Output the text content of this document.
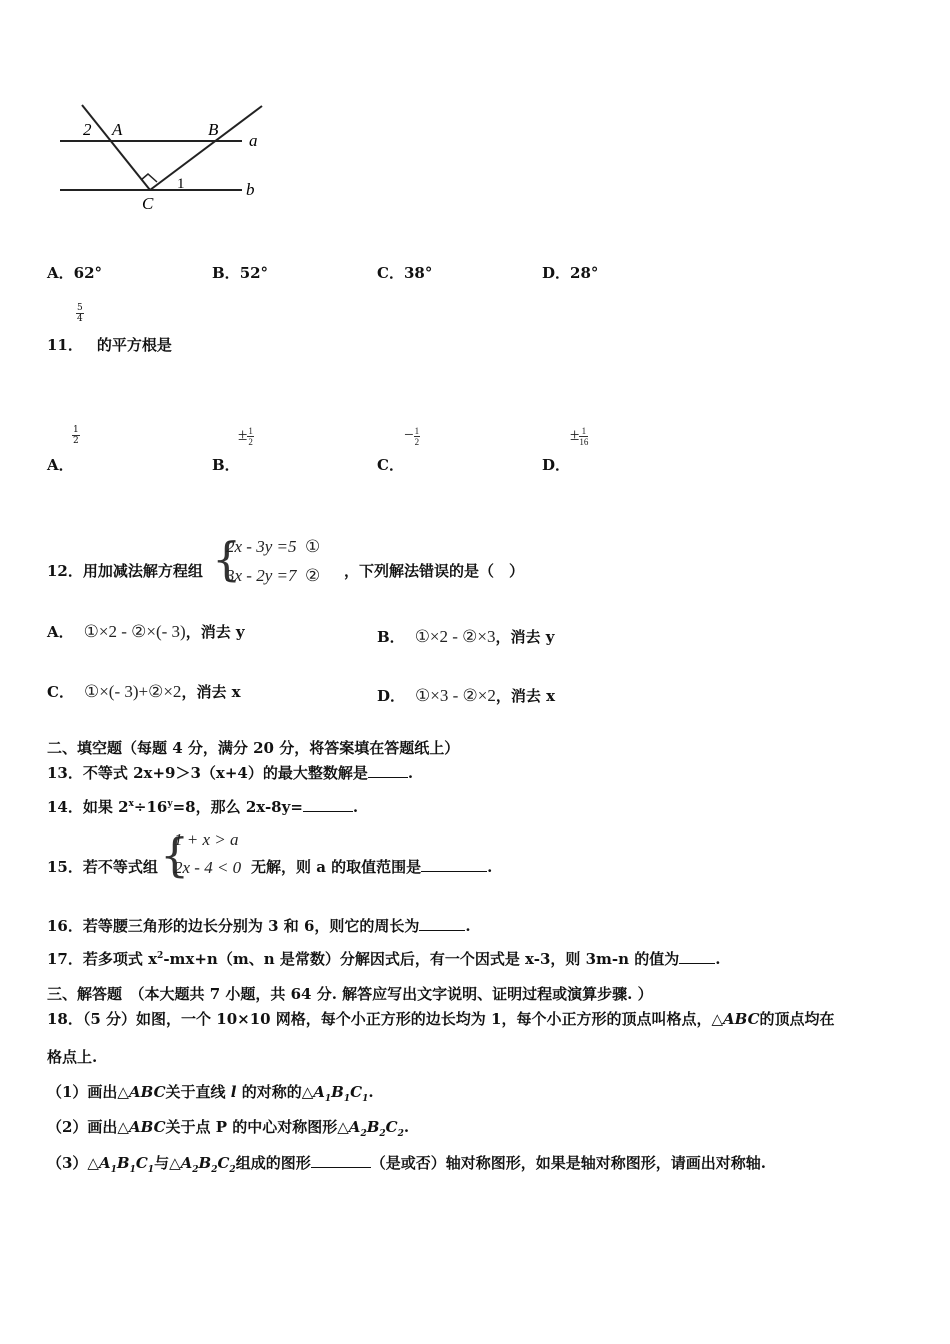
2 A	B
a
1	b
C
A．62°	B．52°	C．38°	D．28°
$\frac{5}{4}$
11． 的平方根是
$\frac{1}{2}$
A．
± $\frac{1}{2}$
B．
− $\frac{1}{2}$
C．
± $\frac{1}{16}$
D．
12．用加减法解方程组 {
2x - 3y =5 ①
3x - 2y =7 ② ，下列解法错误的是（　）
A． ①×2 - ②×(- 3)，消去 y	B． ①×2 - ②×3，消去 y
C． ①×(- 3)+②×2，消去 x	D． ①×3 - ②×2，消去 x
二、填空题（每题 4 分，满分 20 分，将答案填在答题纸上）
13．不等式 2x+9＞3（x+4）的最大整数解是	.
14．如果 $2^x\div 16^y=8$，那么 2x-8y=	.
15．若不等式组 {
1 + x > a
2x - 4 < 0 无解，则 a 的取值范围是	.
16．若等腰三角形的边长分别为 3 和 6，则它的周长为	.
17．若多项式 $x^2-mx+n(m$、n 是常数）分解因式后，有一个因式是 x-3，则 3m-n 的值为 .
三、解答题　（本大题共 7 小题，共 64 分. 解答应写出文字说明、证明过程或演算步骤. ）
18．（5 分）如图，一个 10×10 网格，每个小正方形的边长均为 1，每个小正方形的顶点叫格点，△ABC的顶点均在
格点上.
（1）画出△ABC关于直线 l 的对称的$\triangle A_1B_1C_1$.
（2）画出△ABC关于点 P 的中心对称图形$\triangle A_2B_2C_2$.
$(3)\triangle A_1B_1C_1$与$\triangle A_2B_2C_2$组成的图形	（是或否）轴对称图形，如果是轴对称图形，请画出对称轴.
